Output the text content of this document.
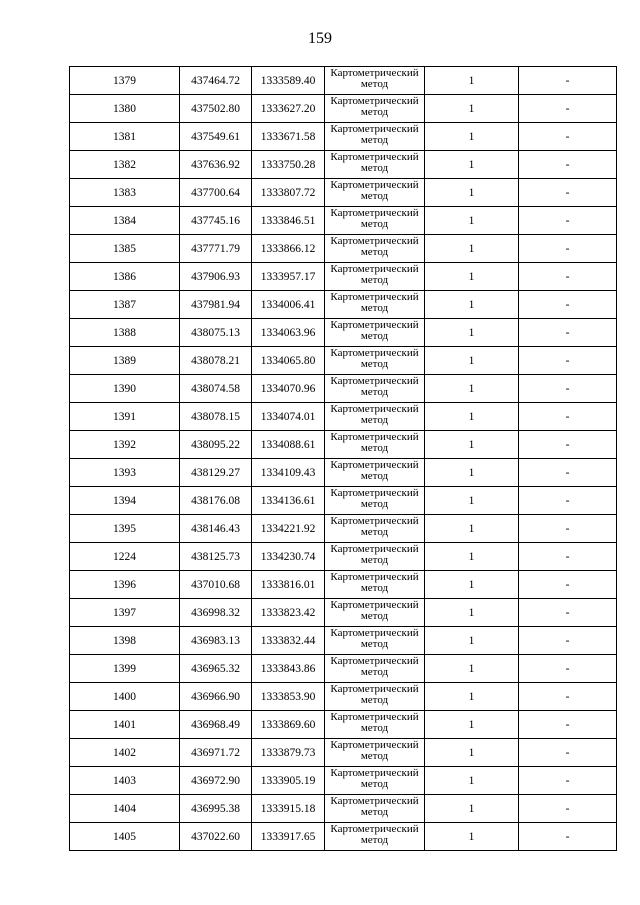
159
1379	437464.72	1333589.40	Картометрический метод	1	-
1380	437502.80	1333627.20	Картометрический метод	1	-
1381	437549.61	1333671.58	Картометрический метод	1	-
1382	437636.92	1333750.28	Картометрический метод	1	-
1383	437700.64	1333807.72	Картометрический метод	1	-
1384	437745.16	1333846.51	Картометрический метод	1	-
1385	437771.79	1333866.12	Картометрический метод	1	-
1386	437906.93	1333957.17	Картометрический метод	1	-
1387	437981.94	1334006.41	Картометрический метод	1	-
1388	438075.13	1334063.96	Картометрический метод	1	-
1389	438078.21	1334065.80	Картометрический метод	1	-
1390	438074.58	1334070.96	Картометрический метод	1	-
1391	438078.15	1334074.01	Картометрический метод	1	-
1392	438095.22	1334088.61	Картометрический метод	1	-
1393	438129.27	1334109.43	Картометрический метод	1	-
1394	438176.08	1334136.61	Картометрический метод	1	-
1395	438146.43	1334221.92	Картометрический метод	1	-
1224	438125.73	1334230.74	Картометрический метод	1	-
1396	437010.68	1333816.01	Картометрический метод	1	-
1397	436998.32	1333823.42	Картометрический метод	1	-
1398	436983.13	1333832.44	Картометрический метод	1	-
1399	436965.32	1333843.86	Картометрический метод	1	-
1400	436966.90	1333853.90	Картометрический метод	1	-
1401	436968.49	1333869.60	Картометрический метод	1	-
1402	436971.72	1333879.73	Картометрический метод	1	-
1403	436972.90	1333905.19	Картометрический метод	1	-
1404	436995.38	1333915.18	Картометрический метод	1	-
1405	437022.60	1333917.65	Картометрический метод	1	-
